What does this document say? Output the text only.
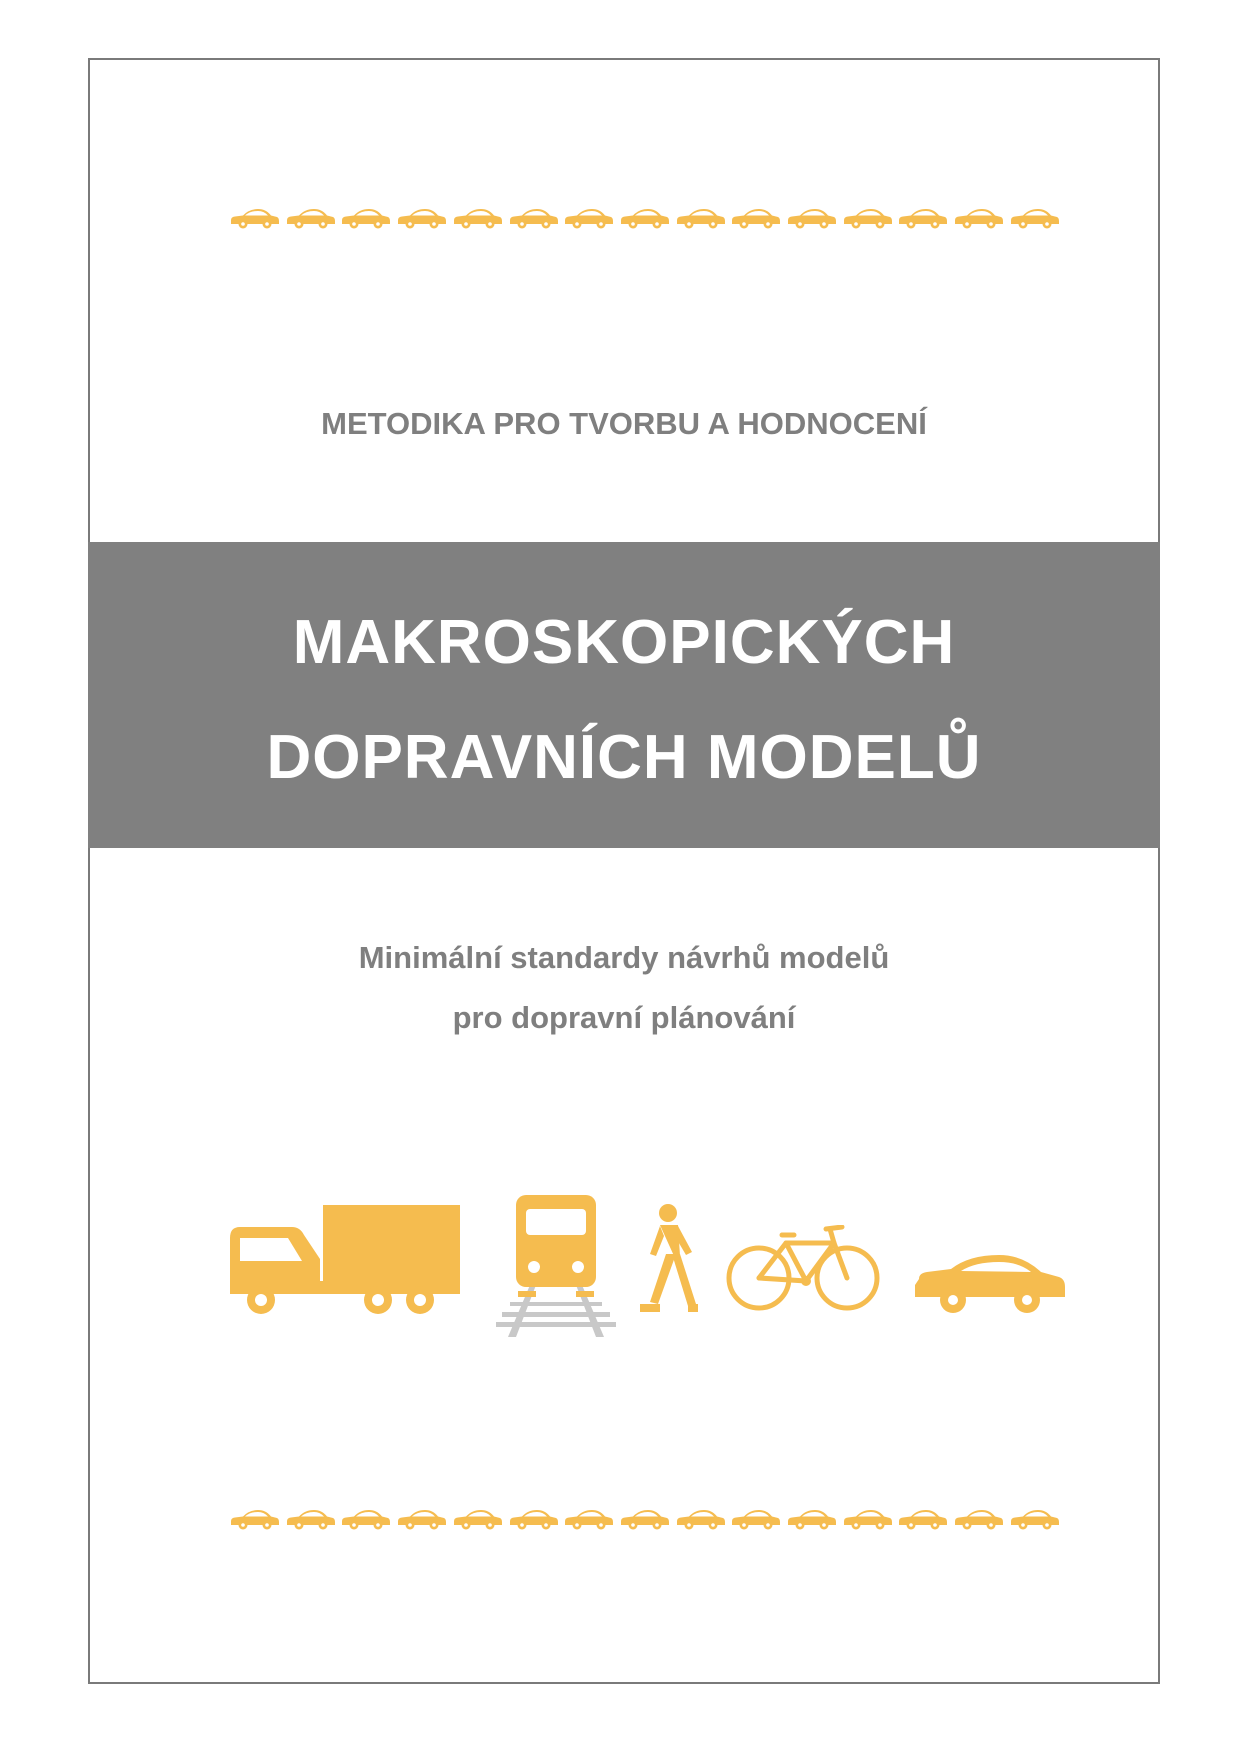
METODIKA PRO TVORBU A HODNOCENÍ
MAKROSKOPICKÝCH
DOPRAVNÍCH MODELŮ
Minimální standardy návrhů modelů
pro dopravní plánování
